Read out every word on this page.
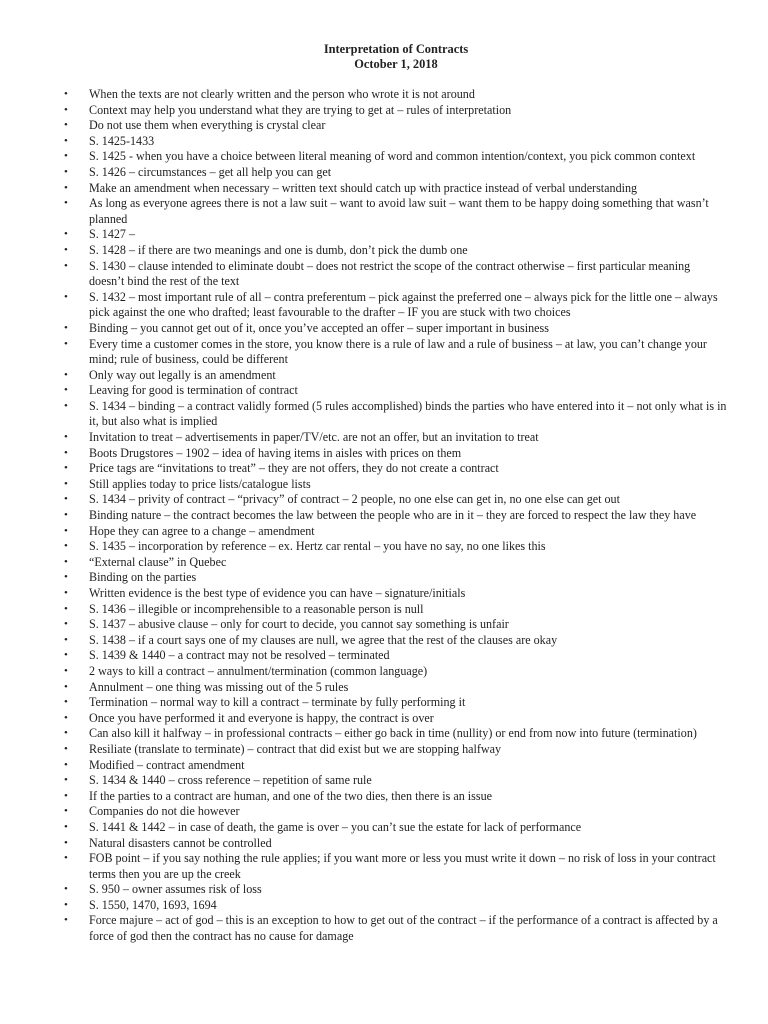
Interpretation of Contracts
October 1, 2018
• When the texts are not clearly written and the person who wrote it is not around
• Context may help you understand what they are trying to get at – rules of interpretation
• Do not use them when everything is crystal clear
• S. 1425-1433
• S. 1425 - when you have a choice between literal meaning of word and common intention/context, you pick common context
• S. 1426 – circumstances – get all help you can get
• Make an amendment when necessary – written text should catch up with practice instead of verbal understanding
• As long as everyone agrees there is not a law suit – want to avoid law suit – want them to be happy doing something that wasn’t planned
• S. 1427 –
• S. 1428 – if there are two meanings and one is dumb, don’t pick the dumb one
• S. 1430 – clause intended to eliminate doubt – does not restrict the scope of the contract otherwise – first particular meaning doesn’t bind the rest of the text
• S. 1432 – most important rule of all – contra preferentum – pick against the preferred one – always pick for the little one – always pick against the one who drafted; least favourable to the drafter – IF you are stuck with two choices
• Binding – you cannot get out of it, once you’ve accepted an offer – super important in business
• Every time a customer comes in the store, you know there is a rule of law and a rule of business – at law, you can’t change your mind; rule of business, could be different
• Only way out legally is an amendment
• Leaving for good is termination of contract
• S. 1434 – binding – a contract validly formed (5 rules accomplished) binds the parties who have entered into it – not only what is in it, but also what is implied
• Invitation to treat – advertisements in paper/TV/etc. are not an offer, but an invitation to treat
• Boots Drugstores – 1902 – idea of having items in aisles with prices on them
• Price tags are “invitations to treat” – they are not offers, they do not create a contract
• Still applies today to price lists/catalogue lists
• S. 1434 – privity of contract – “privacy” of contract – 2 people, no one else can get in, no one else can get out
• Binding nature – the contract becomes the law between the people who are in it – they are forced to respect the law they have
• Hope they can agree to a change – amendment
• S. 1435 – incorporation by reference – ex. Hertz car rental – you have no say, no one likes this
• “External clause” in Quebec
• Binding on the parties
• Written evidence is the best type of evidence you can have – signature/initials
• S. 1436 – illegible or incomprehensible to a reasonable person is null
• S. 1437 – abusive clause – only for court to decide, you cannot say something is unfair
• S. 1438 – if a court says one of my clauses are null, we agree that the rest of the clauses are okay
• S. 1439 & 1440 – a contract may not be resolved – terminated
• 2 ways to kill a contract – annulment/termination (common language)
• Annulment – one thing was missing out of the 5 rules
• Termination – normal way to kill a contract – terminate by fully performing it
• Once you have performed it and everyone is happy, the contract is over
• Can also kill it halfway – in professional contracts – either go back in time (nullity) or end from now into future (termination)
• Resiliate (translate to terminate) – contract that did exist but we are stopping halfway
• Modified – contract amendment
• S. 1434 & 1440 – cross reference – repetition of same rule
• If the parties to a contract are human, and one of the two dies, then there is an issue
• Companies do not die however
• S. 1441 & 1442 – in case of death, the game is over – you can’t sue the estate for lack of performance
• Natural disasters cannot be controlled
• FOB point – if you say nothing the rule applies; if you want more or less you must write it down – no risk of loss in your contract terms then you are up the creek
• S. 950 – owner assumes risk of loss
• S. 1550, 1470, 1693, 1694
• Force majure – act of god – this is an exception to how to get out of the contract – if the performance of a contract is affected by a force of god then the contract has no cause for damage
